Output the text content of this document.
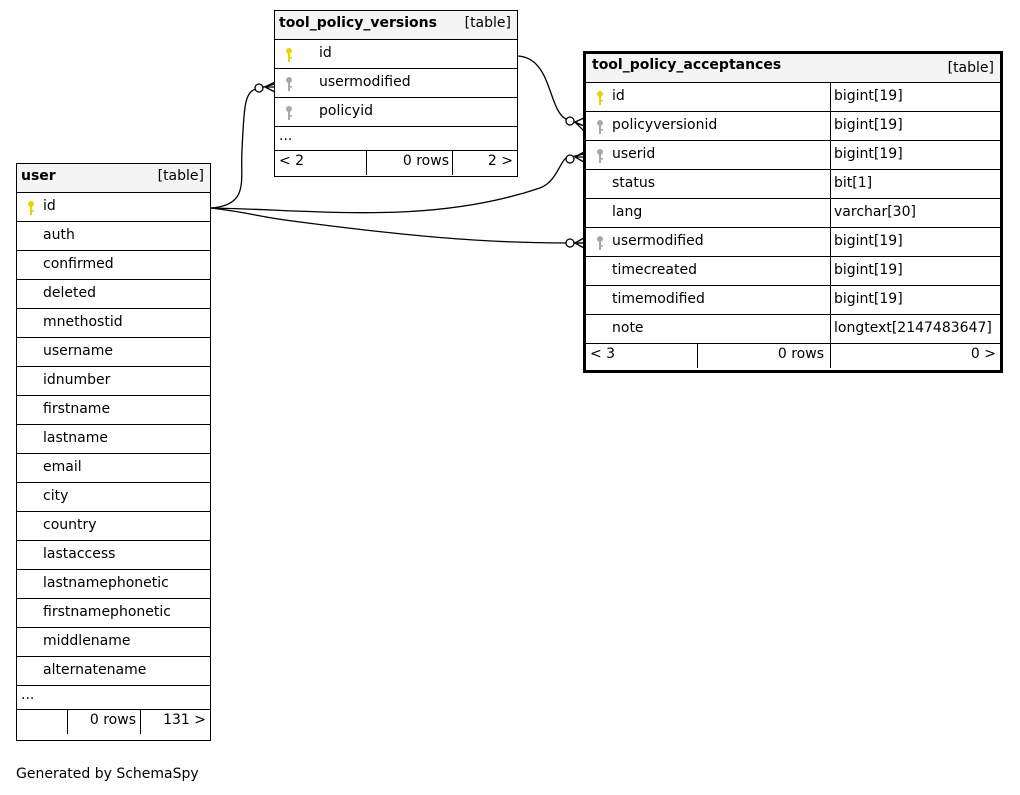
tool_policy_versions [table]
id
usermodified
policyid
...
< 2	0 rows	2 >
tool_policy_acceptances	[table]
id	bigint[19]
policyversionid	bigint[19]
userid	bigint[19]
status	bit[1]
lang	varchar[30]
usermodified	bigint[19]
timecreated	bigint[19]
timemodified	bigint[19]
note	longtext[2147483647]
< 3	0 rows	0 >
user	[table]
id
auth
confirmed
deleted
mnethostid
username
idnumber
firstname
lastname
email
city
country
lastaccess
lastnamephonetic
firstnamephonetic
middlename
alternatename
...
0 rows 131 >
Generated by SchemaSpy
